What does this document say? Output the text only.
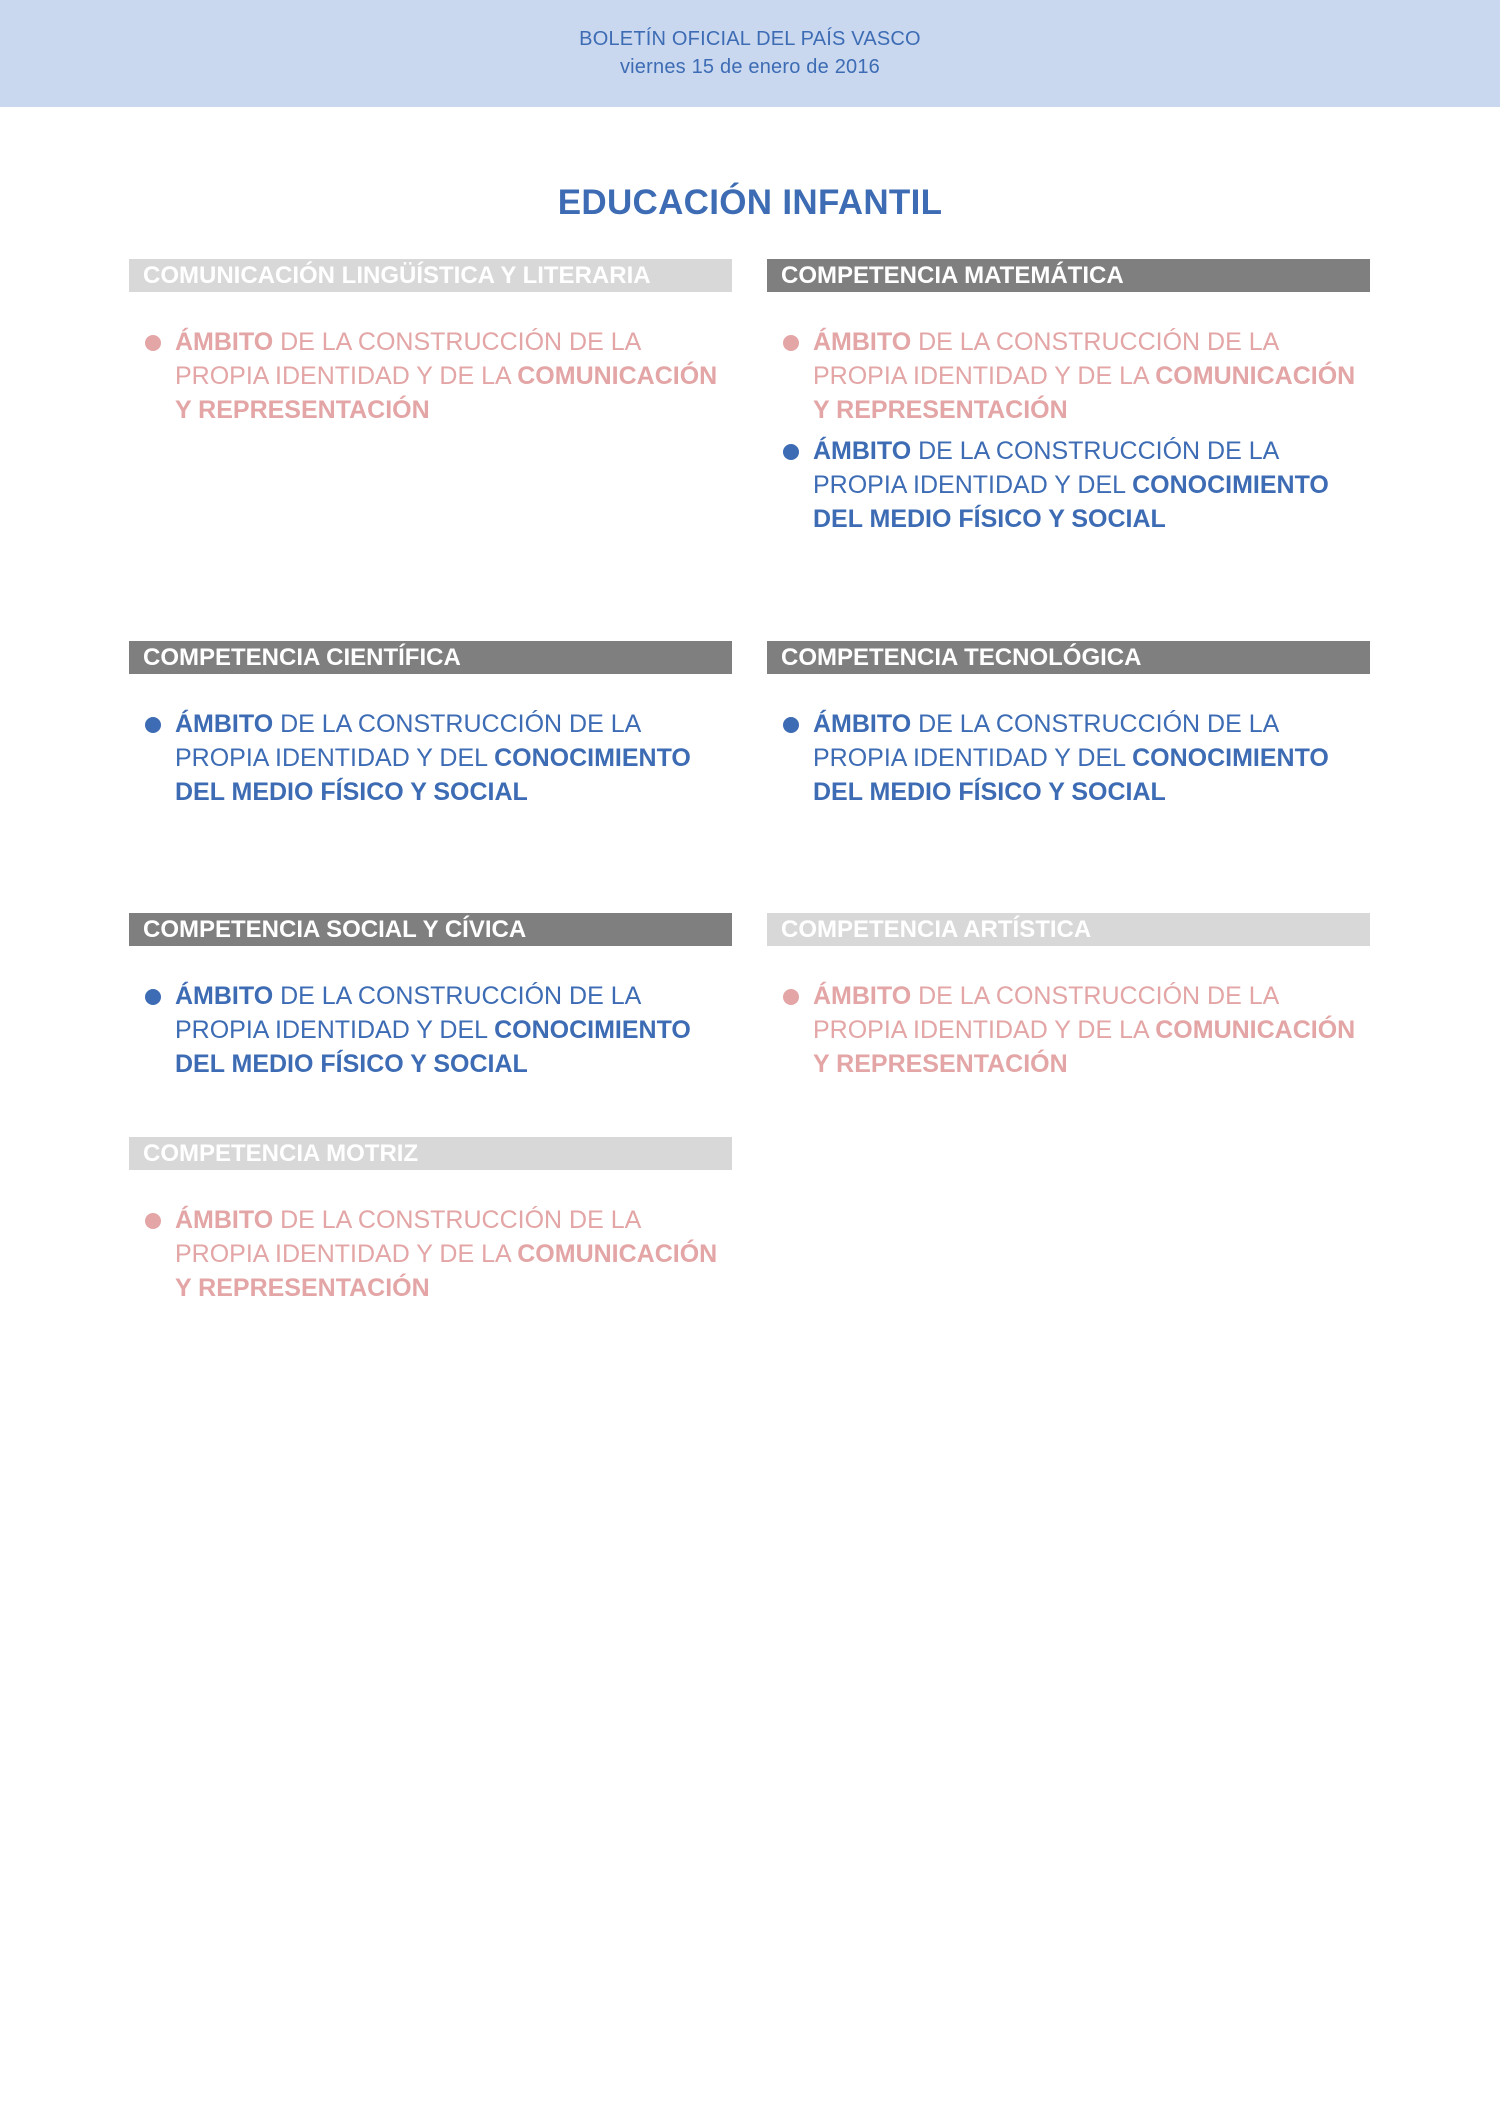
BOLETÍN OFICIAL DEL PAÍS VASCO
viernes 15 de enero de 2016
EDUCACIÓN INFANTIL
COMUNICACIÓN LINGÜÍSTICA Y LITERARIA
ÁMBITO DE LA CONSTRUCCIÓN DE LA PROPIA IDENTIDAD Y DE LA COMUNICACIÓN Y REPRESENTACIÓN
COMPETENCIA MATEMÁTICA
ÁMBITO DE LA CONSTRUCCIÓN DE LA PROPIA IDENTIDAD Y DE LA COMUNICACIÓN Y REPRESENTACIÓN
ÁMBITO DE LA CONSTRUCCIÓN DE LA PROPIA IDENTIDAD Y DEL CONOCIMIENTO DEL MEDIO FÍSICO Y SOCIAL
COMPETENCIA CIENTÍFICA
ÁMBITO DE LA CONSTRUCCIÓN DE LA PROPIA IDENTIDAD Y DEL CONOCIMIENTO DEL MEDIO FÍSICO Y SOCIAL
COMPETENCIA TECNOLÓGICA
ÁMBITO DE LA CONSTRUCCIÓN DE LA PROPIA IDENTIDAD Y DEL CONOCIMIENTO DEL MEDIO FÍSICO Y SOCIAL
COMPETENCIA SOCIAL Y CÍVICA
ÁMBITO DE LA CONSTRUCCIÓN DE LA PROPIA IDENTIDAD Y DEL CONOCIMIENTO DEL MEDIO FÍSICO Y SOCIAL
COMPETENCIA ARTÍSTICA
ÁMBITO DE LA CONSTRUCCIÓN DE LA PROPIA IDENTIDAD Y DE LA COMUNICACIÓN Y REPRESENTACIÓN
COMPETENCIA MOTRIZ
ÁMBITO DE LA CONSTRUCCIÓN DE LA PROPIA IDENTIDAD Y DE LA COMUNICACIÓN Y REPRESENTACIÓN
